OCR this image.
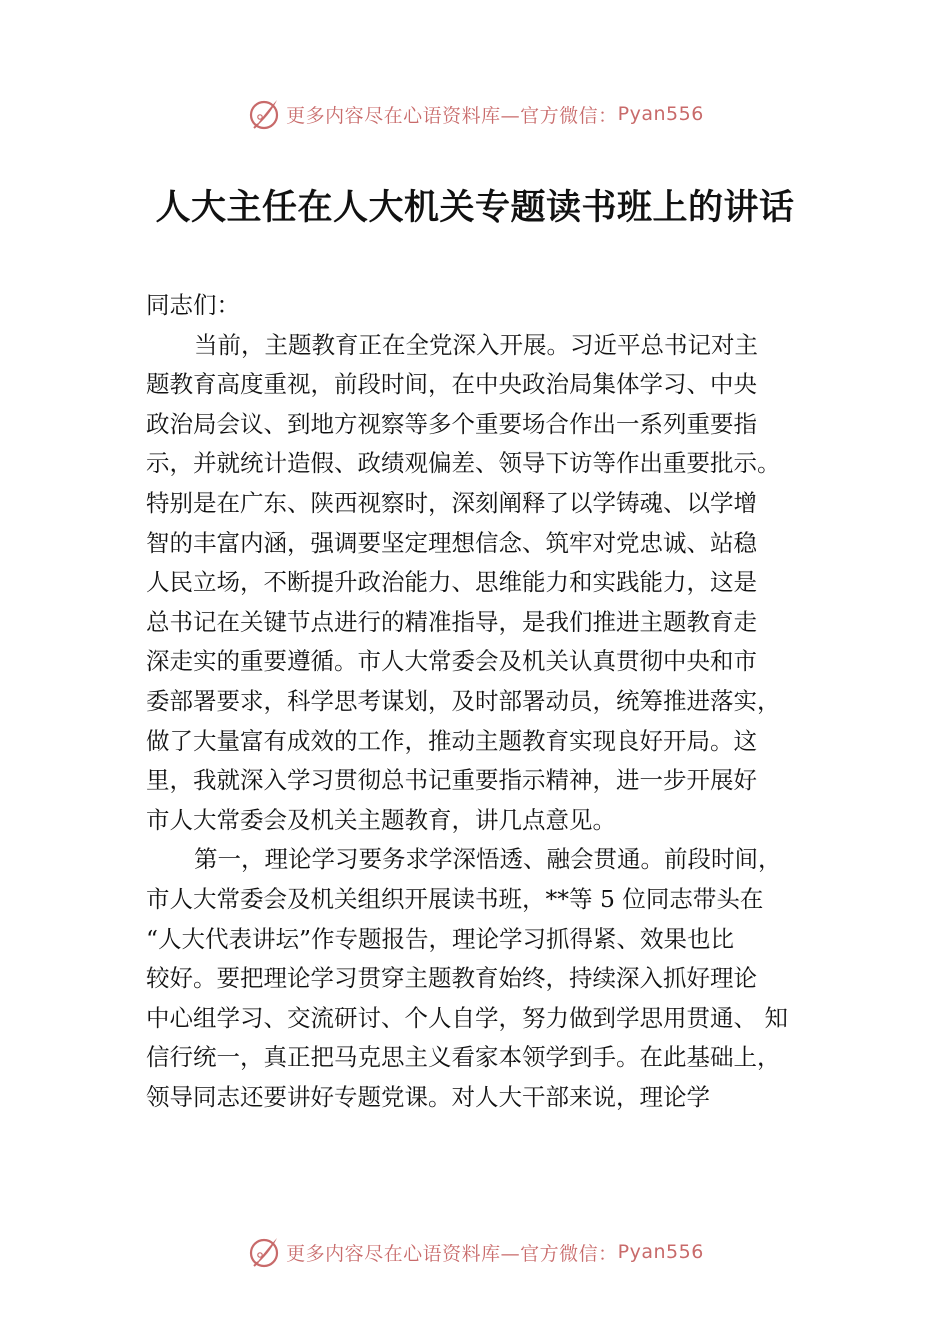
更多内容尽在心语资料库—官方微信： Pyan556
人大主任在人大机关专题读书班上的讲话
同志们：
当前，主题教育正在全党深入开展。习近平总书记对主
题教育高度重视，前段时间，在中央政治局集体学习、中央
政治局会议、到地方视察等多个重要场合作出一系列重要指
示，并就统计造假、政绩观偏差、领导下访等作出重要批示。
特别是在广东、陕西视察时，深刻阐释了以学铸魂、以学增
智的丰富内涵，强调要坚定理想信念、筑牢对党忠诚、站稳
人民立场，不断提升政治能力、思维能力和实践能力，这是
总书记在关键节点进行的精准指导，是我们推进主题教育走
深走实的重要遵循。市人大常委会及机关认真贯彻中央和市
委部署要求，科学思考谋划，及时部署动员，统筹推进落实，
做了大量富有成效的工作，推动主题教育实现良好开局。这
里，我就深入学习贯彻总书记重要指示精神，进一步开展好
市人大常委会及机关主题教育，讲几点意见。
第一，理论学习要务求学深悟透、融会贯通。前段时间，
市人大常委会及机关组织开展读书班，**等 5 位同志带头在
“人大代表讲坛”作专题报告，理论学习抓得紧、效果也比
较好。要把理论学习贯穿主题教育始终，持续深入抓好理论
中心组学习、交流研讨、个人自学，努力做到学思用贯通、 知
信行统一，真正把马克思主义看家本领学到手。在此基础上，
领导同志还要讲好专题党课。对人大干部来说，理论学
更多内容尽在心语资料库—官方微信： Pyan556
